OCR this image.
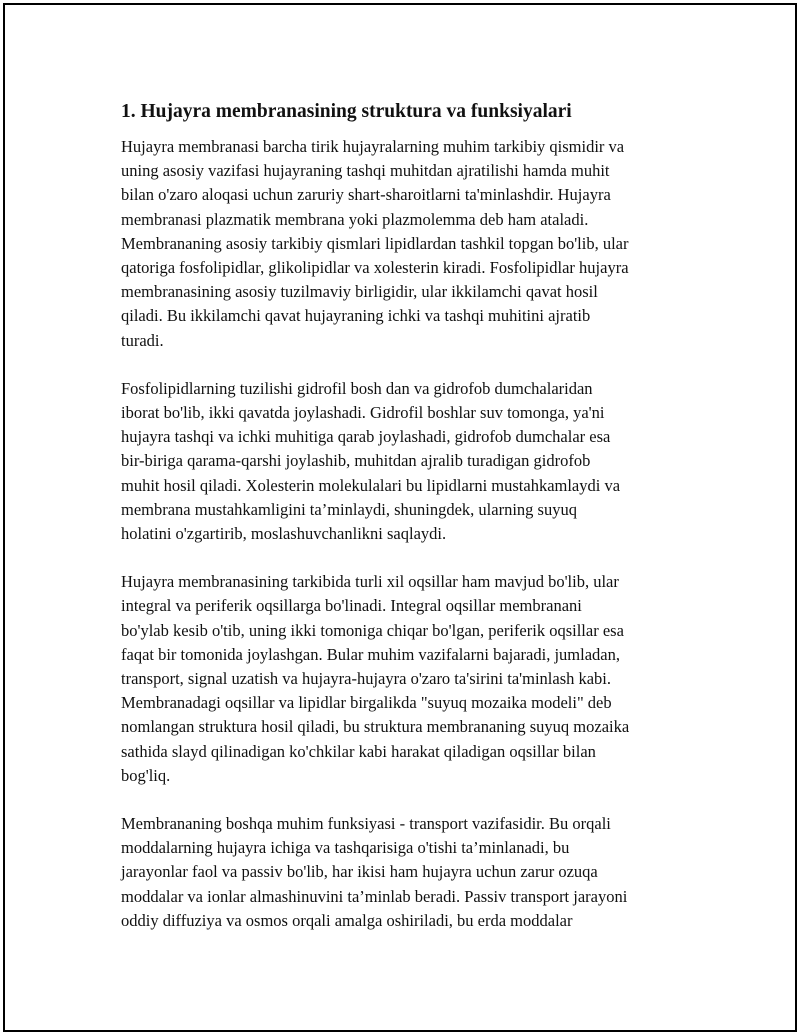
1. Hujayra membranasining struktura va funksiyalari
Hujayra membranasi barcha tirik hujayralarning muhim tarkibiy qismidir va
uning asosiy vazifasi hujayraning tashqi muhitdan ajratilishi hamda muhit
bilan o'zaro aloqasi uchun zaruriy shart-sharoitlarni ta'minlashdir. Hujayra
membranasi plazmatik membrana yoki plazmolemma deb ham ataladi.
Membrananing asosiy tarkibiy qismlari lipidlardan tashkil topgan bo'lib, ular
qatoriga fosfolipidlar, glikolipidlar va xolesterin kiradi. Fosfolipidlar hujayra
membranasining asosiy tuzilmaviy birligidir, ular ikkilamchi qavat hosil
qiladi. Bu ikkilamchi qavat hujayraning ichki va tashqi muhitini ajratib
turadi.
Fosfolipidlarning tuzilishi gidrofil bosh dan va gidrofob dumchalaridan
iborat bo'lib, ikki qavatda joylashadi. Gidrofil boshlar suv tomonga, ya'ni
hujayra tashqi va ichki muhitiga qarab joylashadi, gidrofob dumchalar esa
bir-biriga qarama-qarshi joylashib, muhitdan ajralib turadigan gidrofob
muhit hosil qiladi. Xolesterin molekulalari bu lipidlarni mustahkamlaydi va
membrana mustahkamligini ta’minlaydi, shuningdek, ularning suyuq
holatini o'zgartirib, moslashuvchanlikni saqlaydi.
Hujayra membranasining tarkibida turli xil oqsillar ham mavjud bo'lib, ular
integral va periferik oqsillarga bo'linadi. Integral oqsillar membranani
bo'ylab kesib o'tib, uning ikki tomoniga chiqar bo'lgan, periferik oqsillar esa
faqat bir tomonida joylashgan. Bular muhim vazifalarni bajaradi, jumladan,
transport, signal uzatish va hujayra-hujayra o'zaro ta'sirini ta'minlash kabi.
Membranadagi oqsillar va lipidlar birgalikda "suyuq mozaika modeli" deb
nomlangan struktura hosil qiladi, bu struktura membrananing suyuq mozaika
sathida slayd qilinadigan ko'chkilar kabi harakat qiladigan oqsillar bilan
bog'liq.
Membrananing boshqa muhim funksiyasi - transport vazifasidir. Bu orqali
moddalarning hujayra ichiga va tashqarisiga o'tishi ta’minlanadi, bu
jarayonlar faol va passiv bo'lib, har ikisi ham hujayra uchun zarur ozuqa
moddalar va ionlar almashinuvini ta’minlab beradi. Passiv transport jarayoni
oddiy diffuziya va osmos orqali amalga oshiriladi, bu erda moddalar
